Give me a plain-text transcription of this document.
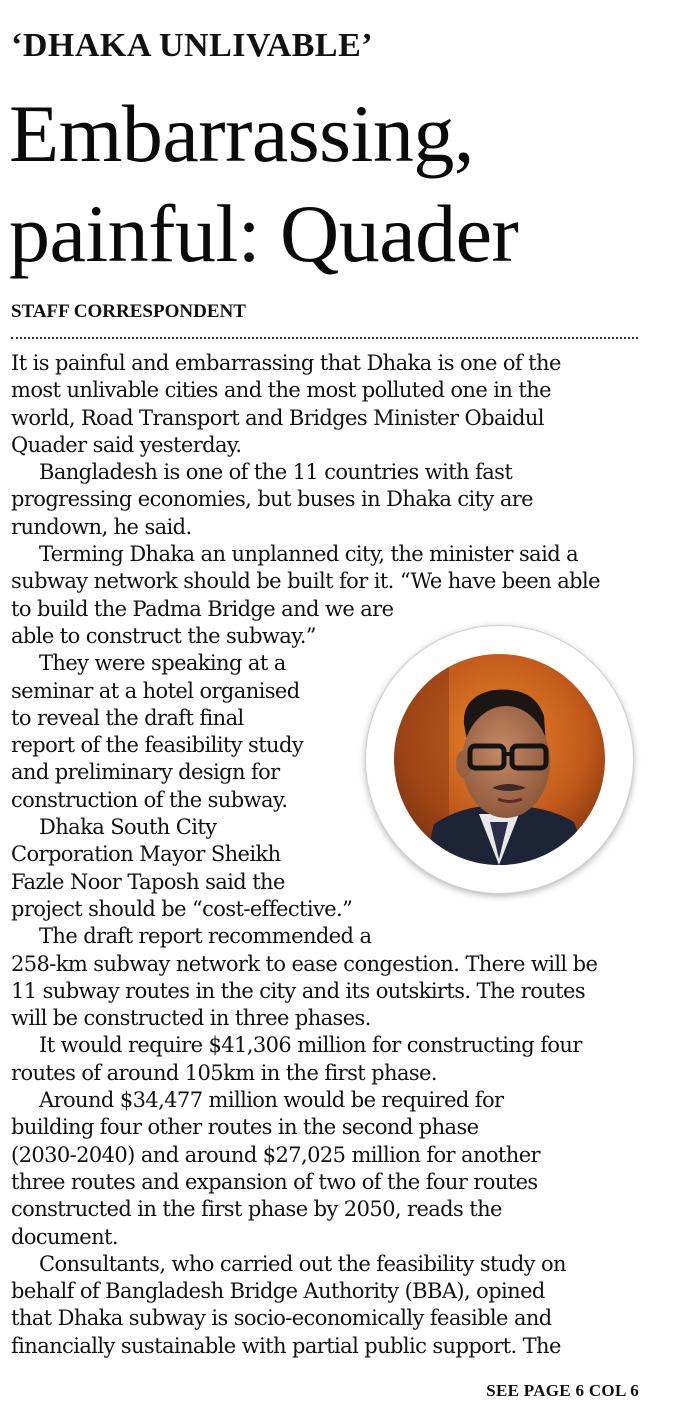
‘DHAKA UNLIVABLE’
Embarrassing,
painful: Quader
STAFF CORRESPONDENT
It is painful and embarrassing that Dhaka is one of the
most unlivable cities and the most polluted one in the
world, Road Transport and Bridges Minister Obaidul
Quader said yesterday.
Bangladesh is one of the 11 countries with fast
progressing economies, but buses in Dhaka city are
rundown, he said.
Terming Dhaka an unplanned city, the minister said a
subway network should be built for it. “We have been able
to build the Padma Bridge and we are
able to construct the subway.”
They were speaking at a
seminar at a hotel organised
to reveal the draft final
report of the feasibility study
and preliminary design for
construction of the subway.
Dhaka South City
Corporation Mayor Sheikh
Fazle Noor Taposh said the
project should be “cost-effective.”
The draft report recommended a
258-km subway network to ease congestion. There will be
11 subway routes in the city and its outskirts. The routes
will be constructed in three phases.
It would require $41,306 million for constructing four
routes of around 105km in the first phase.
Around $34,477 million would be required for
building four other routes in the second phase
(2030-2040) and around $27,025 million for another
three routes and expansion of two of the four routes
constructed in the first phase by 2050, reads the
document.
Consultants, who carried out the feasibility study on
behalf of Bangladesh Bridge Authority (BBA), opined
that Dhaka subway is socio-economically feasible and
financially sustainable with partial public support. The
SEE PAGE 6 COL 6
